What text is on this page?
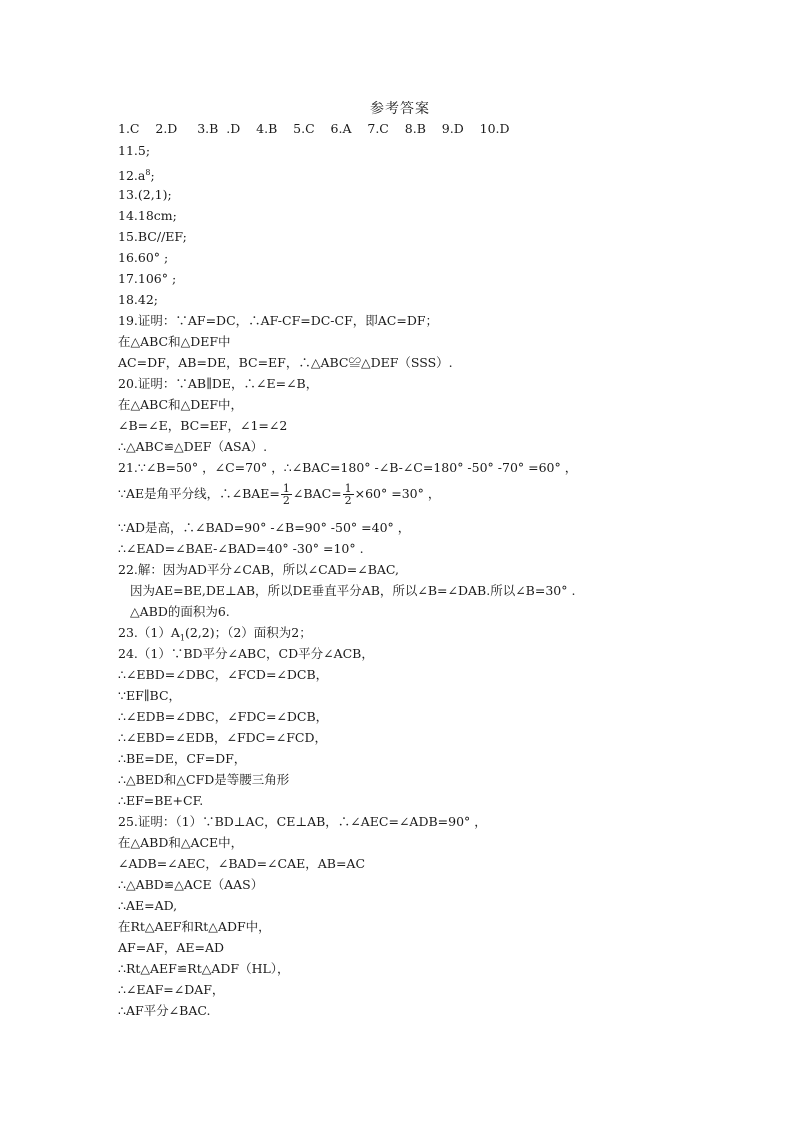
参考答案
1.C    2.D     3.B  .D    4.B    5.C    6.A    7.C    8.B    9.D    10.D
11.5;
$12.a^8$;
13.(2,1);
14.18cm;
15.BC//EF;
16.60° ;
17.106° ;
18.42;
19.证明：∵AF=DC，∴AF-CF=DC-CF，即AC=DF；
在△ABC和△DEF中
AC=DF，AB=DE，BC=EF，∴△ABC≌△DEF（SSS）.
20.证明：∵AB∥DE，∴∠E=∠B，
在△ABC和△DEF中，
∠B=∠E，BC=EF，∠1=∠2
∴△ABC≌△DEF（ASA）.
21.∵∠B=50° ，∠C=70° ，∴∠BAC=180° -∠B-∠C=180° -50° -70° =60° ，
∵AE是角平分线，∴∠BAE= $\frac{1}{2}$ ∠BAC= $\frac{1}{2} \times 60^\circ =30^\circ$ ，
∵AD是高，∴∠BAD=90° -∠B=90° -50° =40° ，
∴∠EAD=∠BAE-∠BAD=40° -30° =10° .
22.解：因为AD平分∠CAB，所以∠CAD=∠BAC,
因为AE=BE,DE⊥AB，所以DE垂直平分AB，所以∠B=∠DAB.所以∠B=30° .
△ABD的面积为6.
$23.(1)A_1(2,2)$；（2）面积为2；
24.（1）∵BD平分∠ABC，CD平分∠ACB，
∴∠EBD=∠DBC，∠FCD=∠DCB，
∵EF∥BC，
∴∠EDB=∠DBC，∠FDC=∠DCB，
∴∠EBD=∠EDB，∠FDC=∠FCD，
∴BE=DE，CF=DF，
∴△BED和△CFD是等腰三角形
∴EF=BE+CF.
25.证明：（1）∵BD⊥AC，CE⊥AB，∴∠AEC=∠ADB=90° ，
在△ABD和△ACE中，
∠ADB=∠AEC，∠BAD=∠CAE，AB=AC
∴△ABD≌△ACE（AAS）
∴AE=AD,
在Rt△AEF和Rt△ADF中，
AF=AF，AE=AD
∴Rt△AEF≌Rt△ADF（HL），
∴∠EAF=∠DAF，
∴AF平分∠BAC.
